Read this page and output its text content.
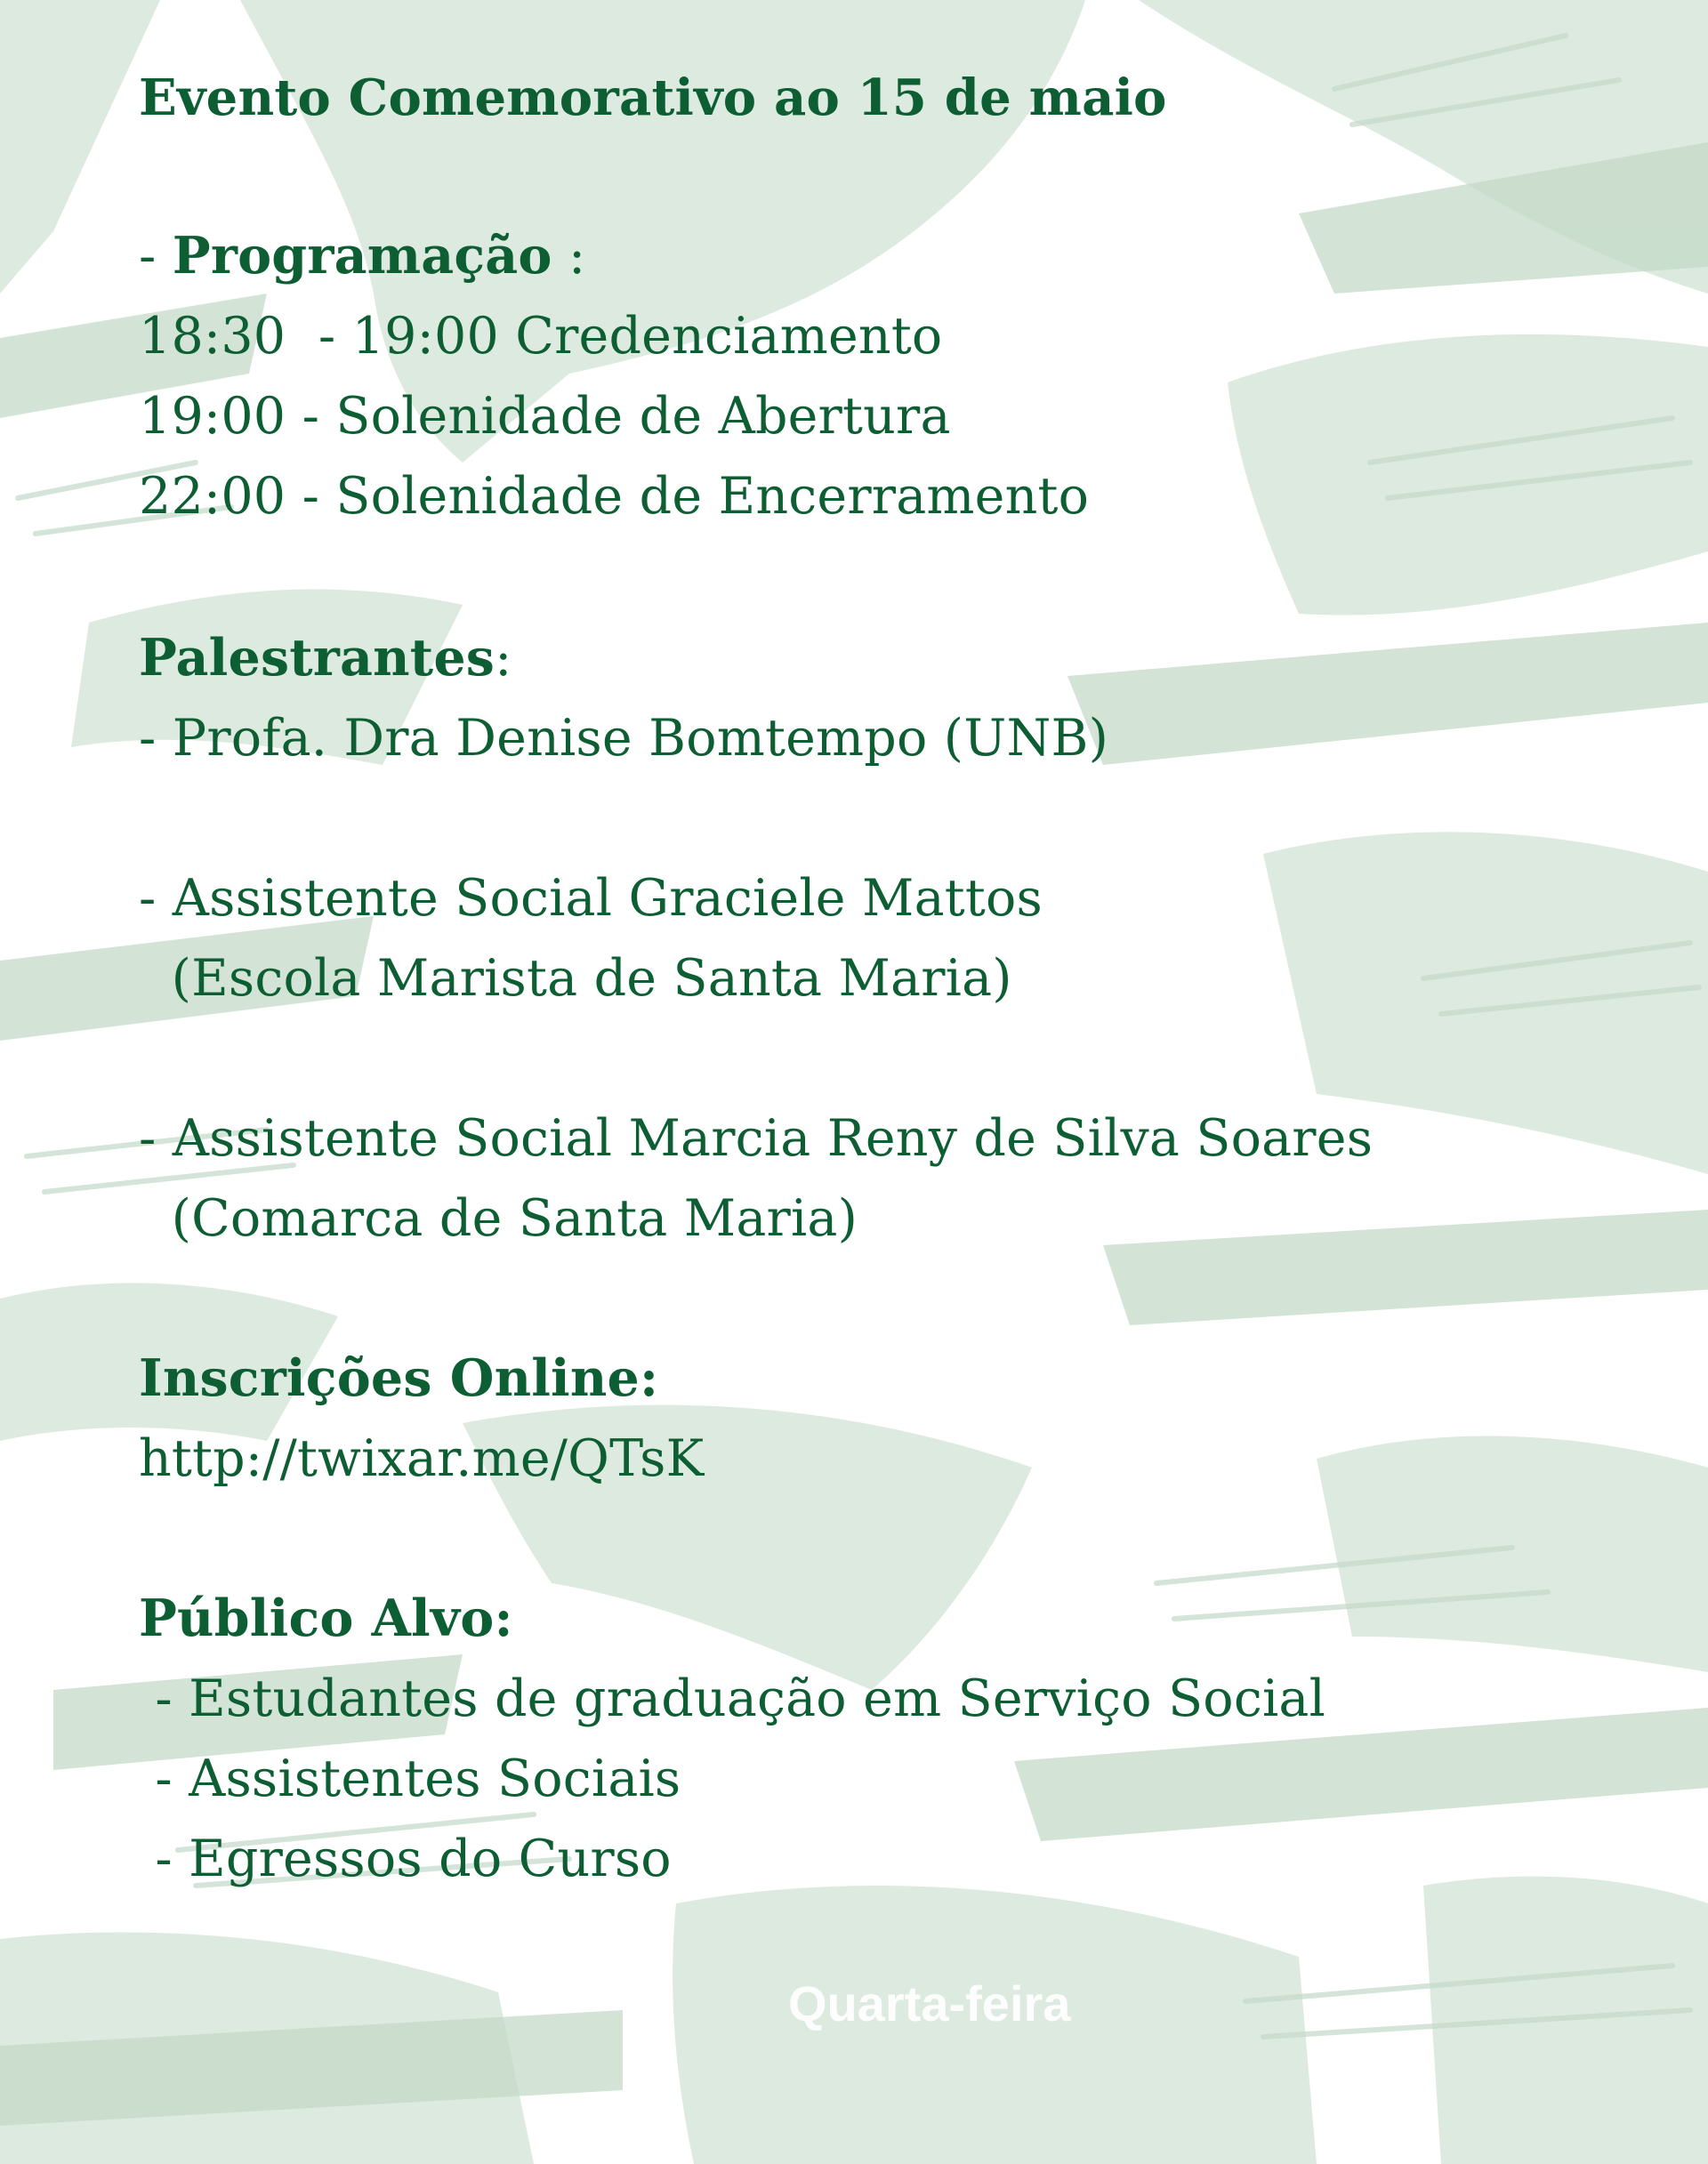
Evento Comemorativo ao 15 de maio
- Programação :
18:30  - 19:00 Credenciamento
19:00 - Solenidade de Abertura
22:00 - Solenidade de Encerramento
Palestrantes:
- Profa. Dra Denise Bomtempo (UNB)
- Assistente Social Graciele Mattos
(Escola Marista de Santa Maria)
- Assistente Social Marcia Reny de Silva Soares
(Comarca de Santa Maria)
Inscrições Online:
http://twixar.me/QTsK
Público Alvo:
- Estudantes de graduação em Serviço Social
- Assistentes Sociais
- Egressos do Curso
Quarta-feira
